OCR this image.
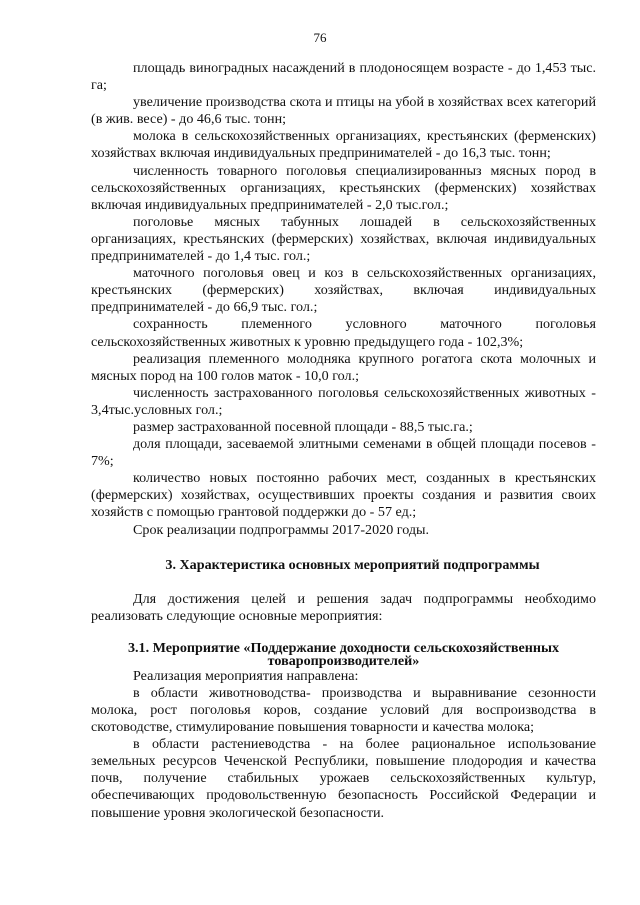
76

площадь виноградных насаждений в плодоносящем возрасте - до 1,453 тыс. га;

увеличение производства скота и птицы на убой в хозяйствах всех категорий (в жив. весе) - до 46,6 тыс. тонн;

молока в сельскохозяйственных организациях, крестьянских (ферменских) хозяйствах включая индивидуальных предпринимателей - до 16,3 тыс. тонн;

численность товарного поголовья специализированныз мясных пород в сельскохозяйственных организациях, крестьянских (ферменских) хозяйствах включая индивидуальных предпринимателей - 2,0 тыс.гол.;

поголовье мясных табунных лошадей в сельскохозяйственных организациях, крестьянских (фермерских) хозяйствах, включая индивидуальных предпринимателей - до 1,4 тыс. гол.;

маточного поголовья овец и коз в сельскохозяйственных организациях, крестьянских (фермерских) хозяйствах, включая индивидуальных предпринимателей - до 66,9 тыс. гол.;

сохранность племенного условного маточного поголовья сельскохозяйственных животных к уровню предыдущего года - 102,3%;

реализация племенного молодняка крупного рогатога скота молочных и мясных пород на 100 голов маток - 10,0 гол.;

численность застрахованного поголовья сельскохозяйственных животных - 3,4тыс.условных гол.;

размер застрахованной посевной площади - 88,5 тыс.га.;

доля площади, засеваемой элитными семенами в общей площади посевов - 7%;

количество новых постоянно рабочих мест, созданных в крестьянских (фермерских) хозяйствах, осуществивших проекты создания и развития своих хозяйств с помощью грантовой поддержки до - 57 ед.;

Срок реализации подпрограммы 2017-2020 годы.

3. Характеристика основных мероприятий подпрограммы

Для достижения целей и решения задач подпрограммы необходимо реализовать следующие основные мероприятия:

3.1. Мероприятие «Поддержание доходности сельскохозяйственных
товаропроизводителей»

Реализация мероприятия направлена:

в области животноводства- производства и выравнивание сезонности молока, рост поголовья коров, создание условий для воспроизводства в скотоводстве, стимулирование повышения товарности и качества молока;

в области растениеводства - на более рациональное использование земельных ресурсов Чеченской Республики, повышение плодородия и качества почв, получение стабильных урожаев сельскохозяйственных культур, обеспечивающих продовольственную безопасность Российской Федерации и повышение уровня экологической безопасности.
